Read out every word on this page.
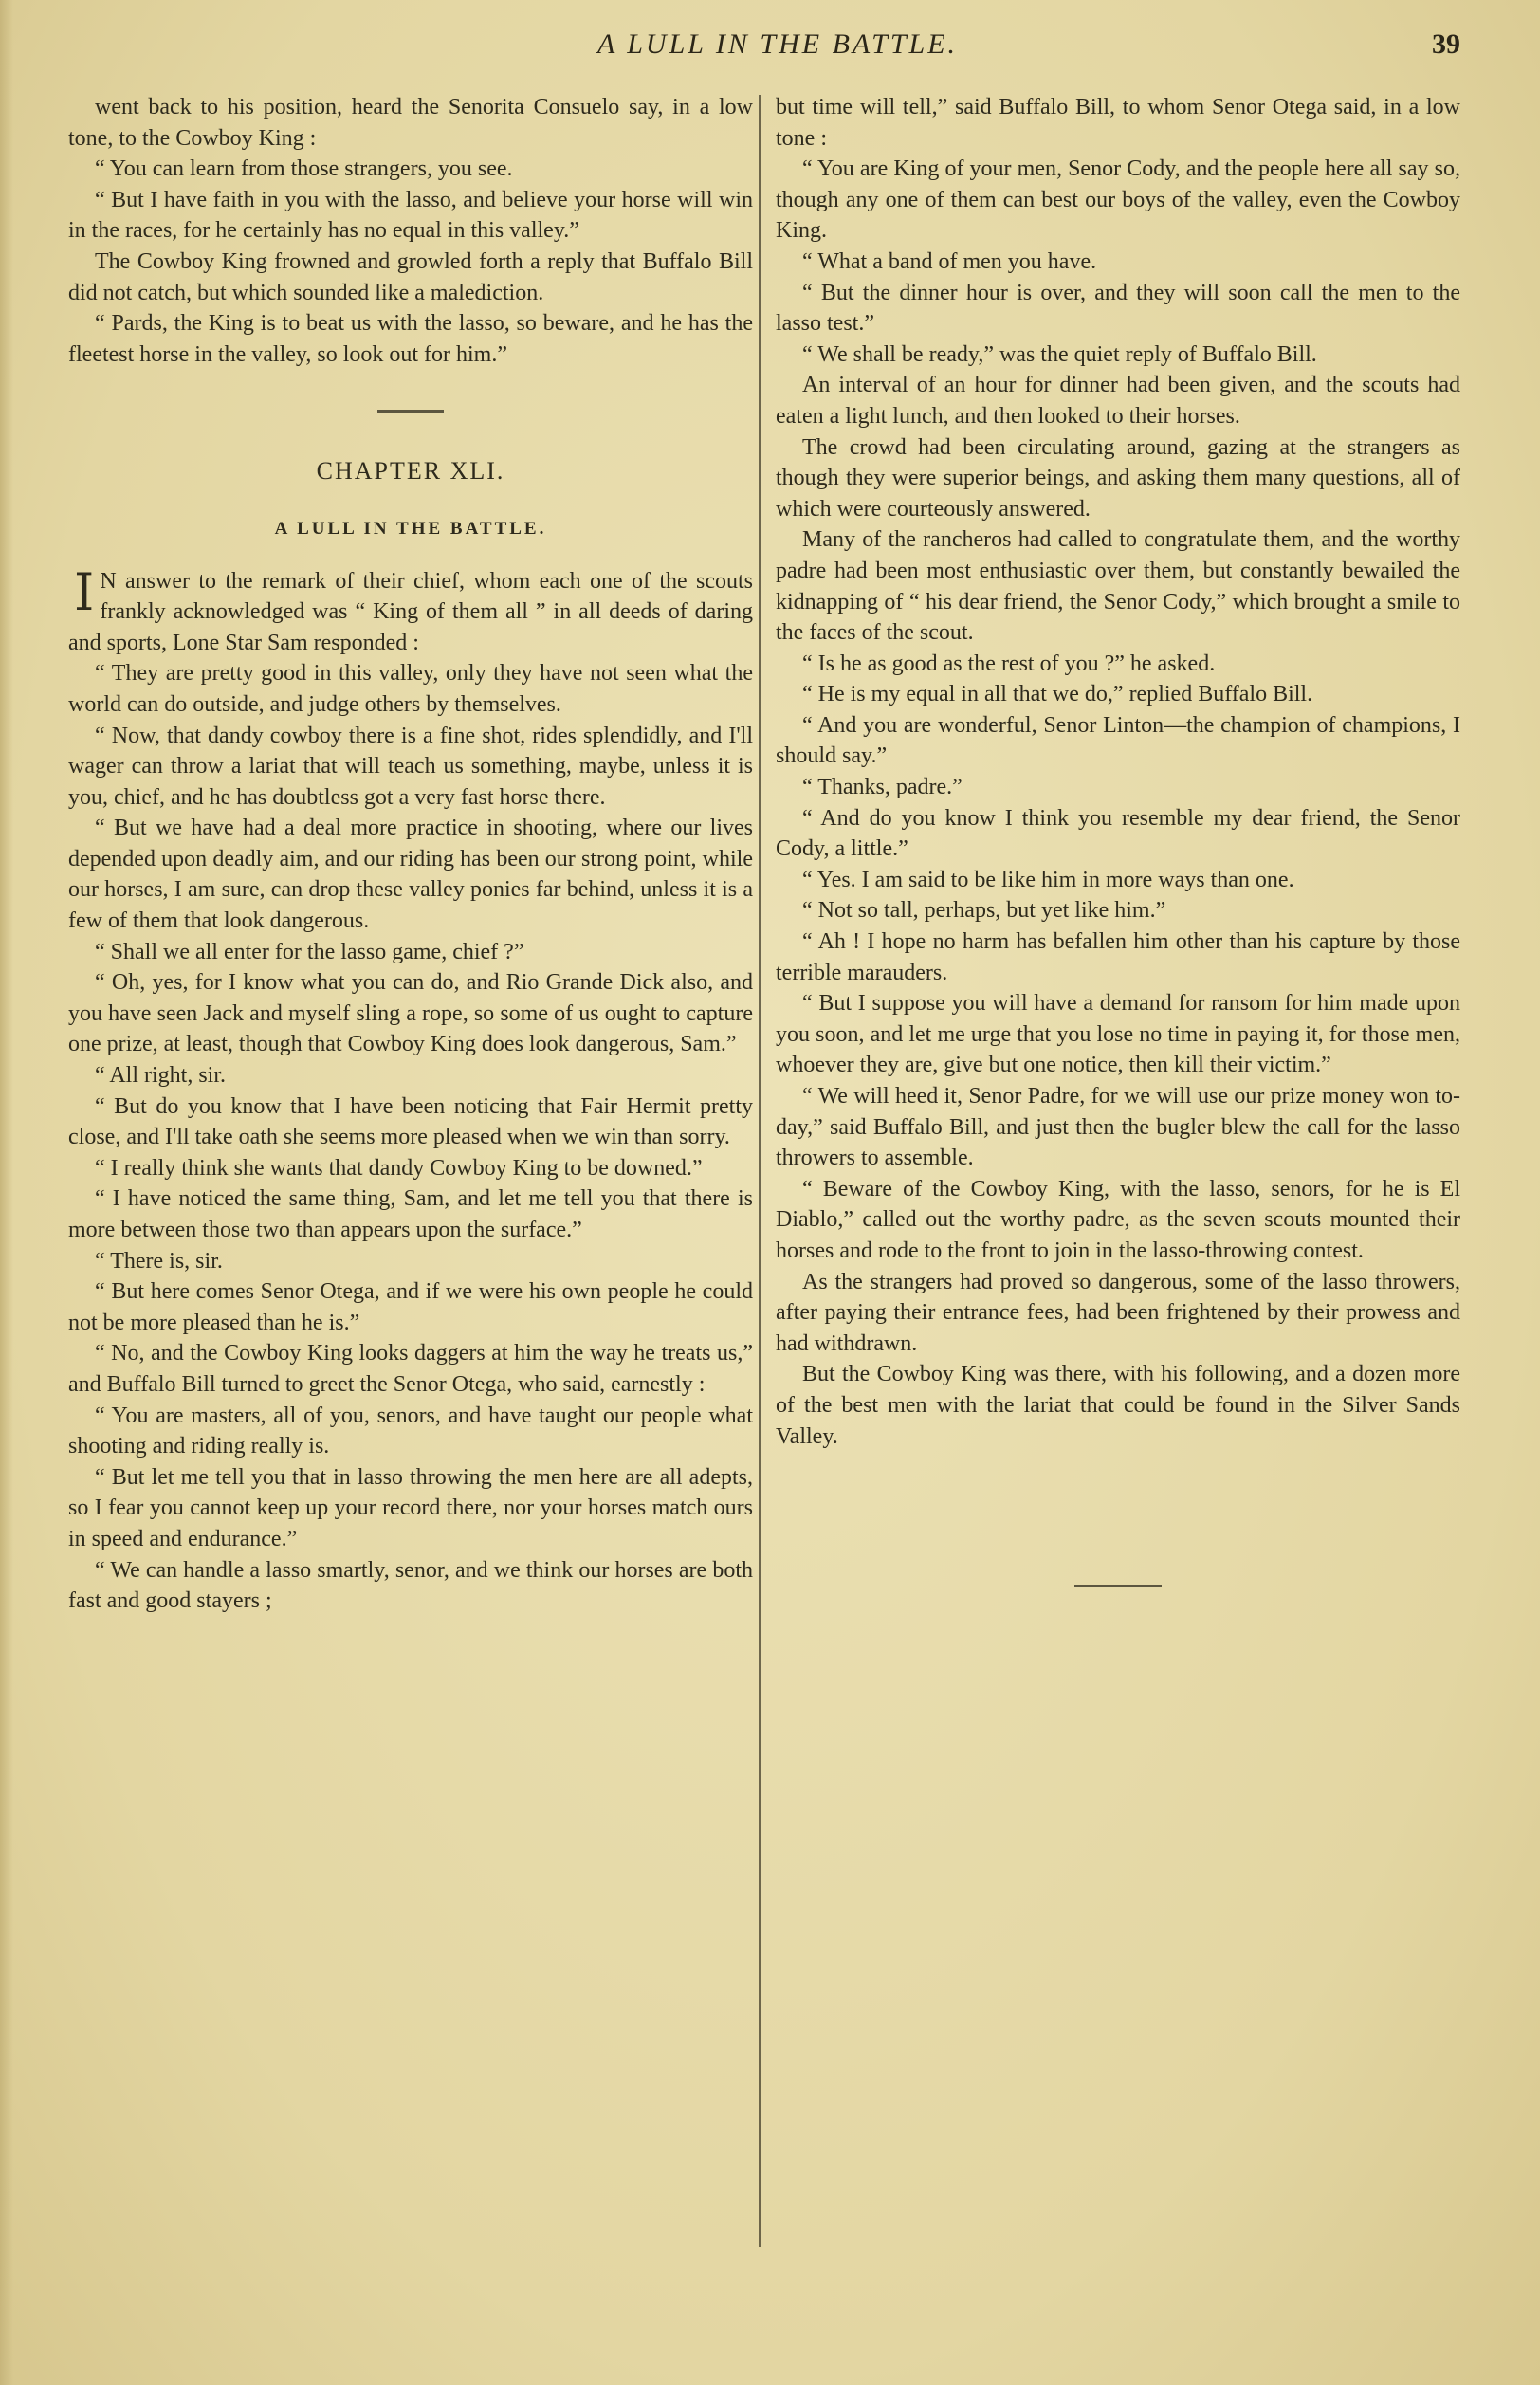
A LULL IN THE BATTLE.	39

went back to his position, heard the Senorita Consuelo say, in a low tone, to the Cowboy King :

“ You can learn from those strangers, you see.

“ But I have faith in you with the lasso, and believe your horse will win in the races, for he certainly has no equal in this valley.”

The Cowboy King frowned and growled forth a reply that Buffalo Bill did not catch, but which sounded like a malediction.

“ Pards, the King is to beat us with the lasso, so beware, and he has the fleetest horse in the valley, so look out for him.”

CHAPTER XLI.
A LULL IN THE BATTLE.

I N answer to the remark of their chief, whom each one of the scouts frankly acknowledged was “ King of them all ” in all deeds of daring and sports, Lone Star Sam responded :

“ They are pretty good in this valley, only they have not seen what the world can do outside, and judge others by themselves.

“ Now, that dandy cowboy there is a fine shot, rides splendidly, and I'll wager can throw a lariat that will teach us something, maybe, unless it is you, chief, and he has doubtless got a very fast horse there.

“ But we have had a deal more practice in shooting, where our lives depended upon deadly aim, and our riding has been our strong point, while our horses, I am sure, can drop these valley ponies far behind, unless it is a few of them that look dangerous.

“ Shall we all enter for the lasso game, chief ?”

“ Oh, yes, for I know what you can do, and Rio Grande Dick also, and you have seen Jack and myself sling a rope, so some of us ought to capture one prize, at least, though that Cowboy King does look dangerous, Sam.”

“ All right, sir.

“ But do you know that I have been noticing that Fair Hermit pretty close, and I'll take oath she seems more pleased when we win than sorry.

“ I really think she wants that dandy Cowboy King to be downed.”

“ I have noticed the same thing, Sam, and let me tell you that there is more between those two than appears upon the surface.”

“ There is, sir.

“ But here comes Senor Otega, and if we were his own people he could not be more pleased than he is.”

“ No, and the Cowboy King looks daggers at him the way he treats us,” and Buffalo Bill turned to greet the Senor Otega, who said, earnestly :

“ You are masters, all of you, senors, and have taught our people what shooting and riding really is.

“ But let me tell you that in lasso throwing the men here are all adepts, so I fear you cannot keep up your record there, nor your horses match ours in speed and endurance.”

“ We can handle a lasso smartly, senor, and we think our horses are both fast and good stayers ;

but time will tell,” said Buffalo Bill, to whom Senor Otega said, in a low tone :

“ You are King of your men, Senor Cody, and the people here all say so, though any one of them can best our boys of the valley, even the Cowboy King.

“ What a band of men you have.

“ But the dinner hour is over, and they will soon call the men to the lasso test.”

“ We shall be ready,” was the quiet reply of Buffalo Bill.

An interval of an hour for dinner had been given, and the scouts had eaten a light lunch, and then looked to their horses.

The crowd had been circulating around, gazing at the strangers as though they were superior beings, and asking them many questions, all of which were courteously answered.

Many of the rancheros had called to congratulate them, and the worthy padre had been most enthusiastic over them, but constantly bewailed the kidnapping of “ his dear friend, the Senor Cody,” which brought a smile to the faces of the scout.

“ Is he as good as the rest of you ?” he asked.

“ He is my equal in all that we do,” replied Buffalo Bill.

“ And you are wonderful, Senor Linton—the champion of champions, I should say.”

“ Thanks, padre.”

“ And do you know I think you resemble my dear friend, the Senor Cody, a little.”

“ Yes. I am said to be like him in more ways than one.

“ Not so tall, perhaps, but yet like him.”

“ Ah ! I hope no harm has befallen him other than his capture by those terrible marauders.

“ But I suppose you will have a demand for ransom for him made upon you soon, and let me urge that you lose no time in paying it, for those men, whoever they are, give but one notice, then kill their victim.”

“ We will heed it, Senor Padre, for we will use our prize money won to-day,” said Buffalo Bill, and just then the bugler blew the call for the lasso throwers to assemble.

“ Beware of the Cowboy King, with the lasso, senors, for he is El Diablo,” called out the worthy padre, as the seven scouts mounted their horses and rode to the front to join in the lasso-throwing contest.

As the strangers had proved so dangerous, some of the lasso throwers, after paying their entrance fees, had been frightened by their prowess and had withdrawn.

But the Cowboy King was there, with his following, and a dozen more of the best men with the lariat that could be found in the Silver Sands Valley.
